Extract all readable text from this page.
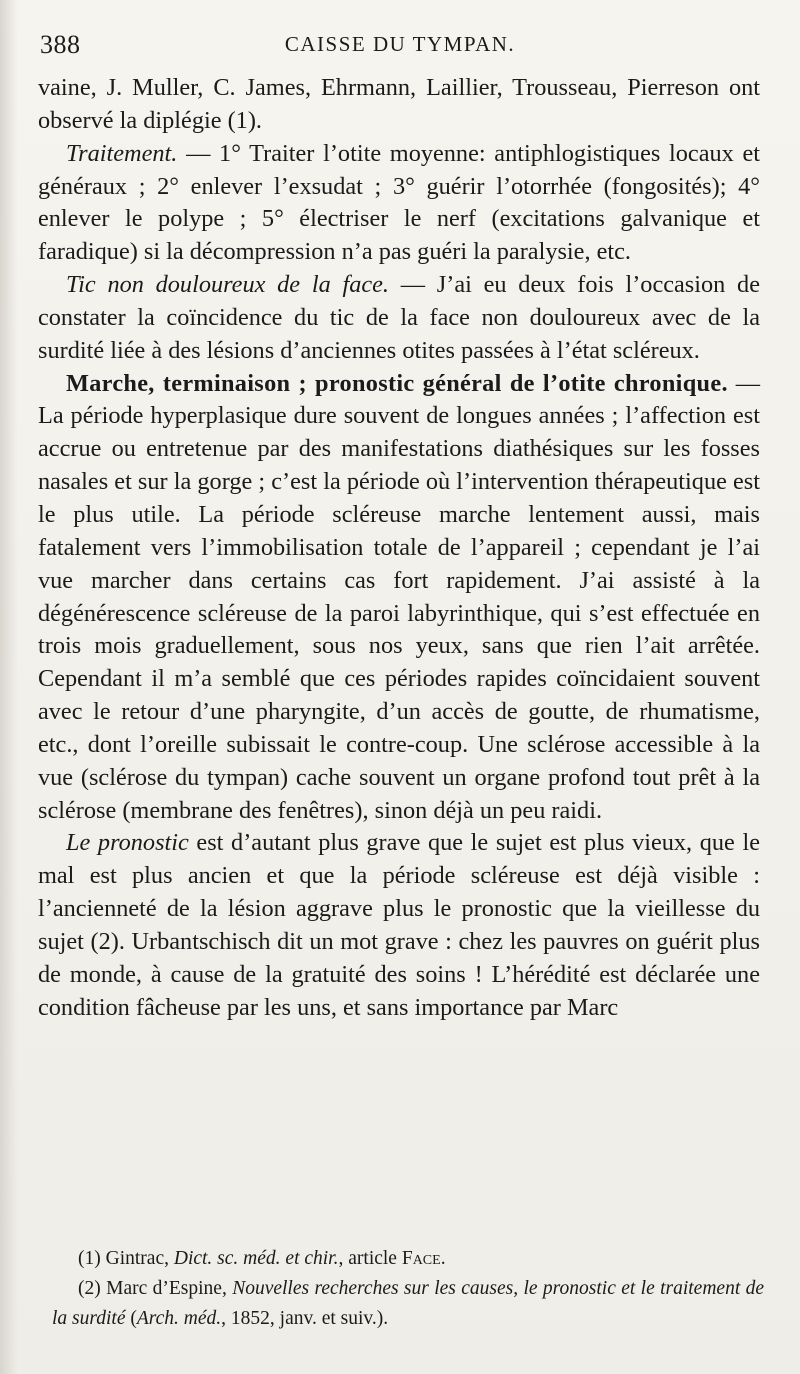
388	CAISSE DU TYMPAN.

vaine, J. Muller, C. James, Ehrmann, Laillier, Trousseau, Pierreson ont observé la diplégie (1).

Traitement. — 1° Traiter l’otite moyenne: antiphlogistiques locaux et généraux ; 2° enlever l’exsudat ; 3° guérir l’otorrhée (fongosités); 4° enlever le polype ; 5° électriser le nerf (excitations galvanique et faradique) si la décompression n’a pas guéri la paralysie, etc.

Tic non douloureux de la face. — J’ai eu deux fois l’occasion de constater la coïncidence du tic de la face non douloureux avec de la surdité liée à des lésions d’anciennes otites passées à l’état scléreux.

Marche, terminaison ; pronostic général de l’otite chronique. — La période hyperplasique dure souvent de longues années ; l’affection est accrue ou entretenue par des manifestations diathésiques sur les fosses nasales et sur la gorge ; c’est la période où l’intervention thérapeutique est le plus utile. La période scléreuse marche lentement aussi, mais fatalement vers l’immobilisation totale de l’appareil ; cependant je l’ai vue marcher dans certains cas fort rapidement. J’ai assisté à la dégénérescence scléreuse de la paroi labyrinthique, qui s’est effectuée en trois mois graduellement, sous nos yeux, sans que rien l’ait arrêtée. Cependant il m’a semblé que ces périodes rapides coïncidaient souvent avec le retour d’une pharyngite, d’un accès de goutte, de rhumatisme, etc., dont l’oreille subissait le contre-coup. Une sclérose accessible à la vue (sclérose du tympan) cache souvent un organe profond tout prêt à la sclérose (membrane des fenêtres), sinon déjà un peu raidi.

Le pronostic est d’autant plus grave que le sujet est plus vieux, que le mal est plus ancien et que la période scléreuse est déjà visible : l’ancienneté de la lésion aggrave plus le pronostic que la vieillesse du sujet (2). Urbantschisch dit un mot grave : chez les pauvres on guérit plus de monde, à cause de la gratuité des soins ! L’hérédité est déclarée une condition fâcheuse par les uns, et sans importance par Marc

(1) Gintrac, Dict. sc. méd. et chir., article Face.

(2) Marc d’Espine, Nouvelles recherches sur les causes, le pronostic et le traitement de la surdité (Arch. méd., 1852, janv. et suiv.).
